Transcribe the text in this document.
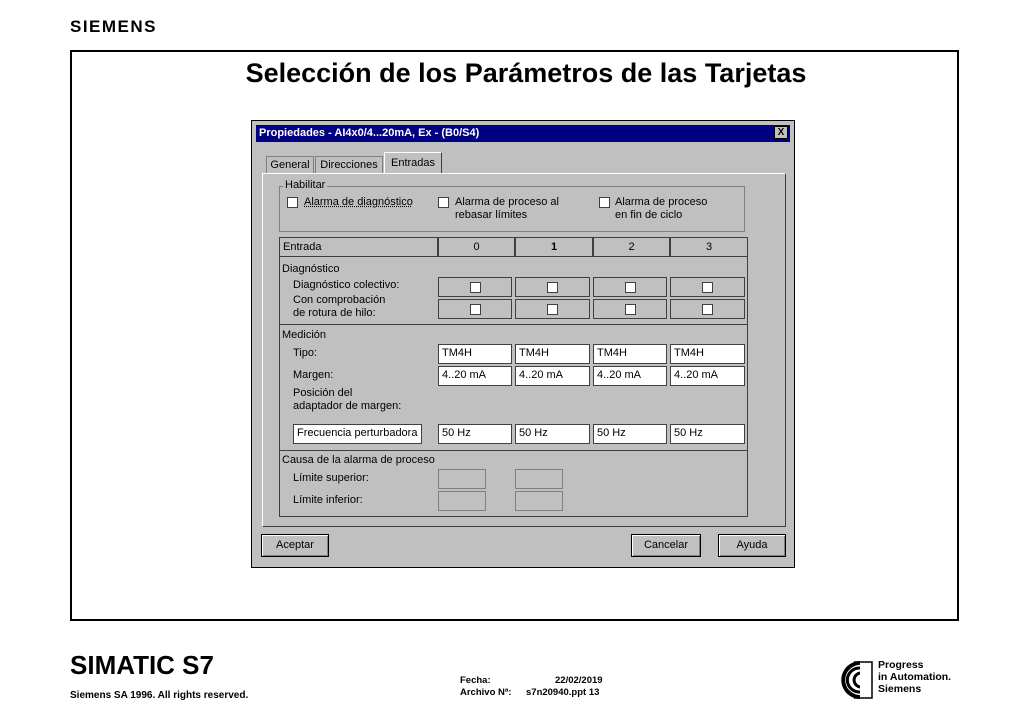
SIEMENS
Selección de los Parámetros de las Tarjetas
Propiedades - AI4x0/4...20mA, Ex - (B0/S4)	X
General Direcciones	Entradas
Habilitar
Alarma de diagnóstico	Alarma de proceso al
rebasar límites
Alarma de proceso
en fin de ciclo
Entrada	0	1	2	3
Diagnóstico
Diagnóstico colectivo:
Con comprobación
de rotura de hilo:
Medición
Tipo:	TM4H	TM4H	TM4H	TM4H
Margen:	4..20 mA	4..20 mA	4..20 mA	4..20 mA
Posición del
adaptador de margen:
Frecuencia perturbadora	50 Hz	50 Hz	50 Hz	50 Hz
Causa de la alarma de proceso
Límite superior:
Límite inferior:
Aceptar	Cancelar	Ayuda
SIMATIC S7
Siemens SA 1996. All rights reserved.
Fecha:	22/02/2019
Archivo Nª: s7n20940.ppt 13
Progress
in Automation.
Siemens
